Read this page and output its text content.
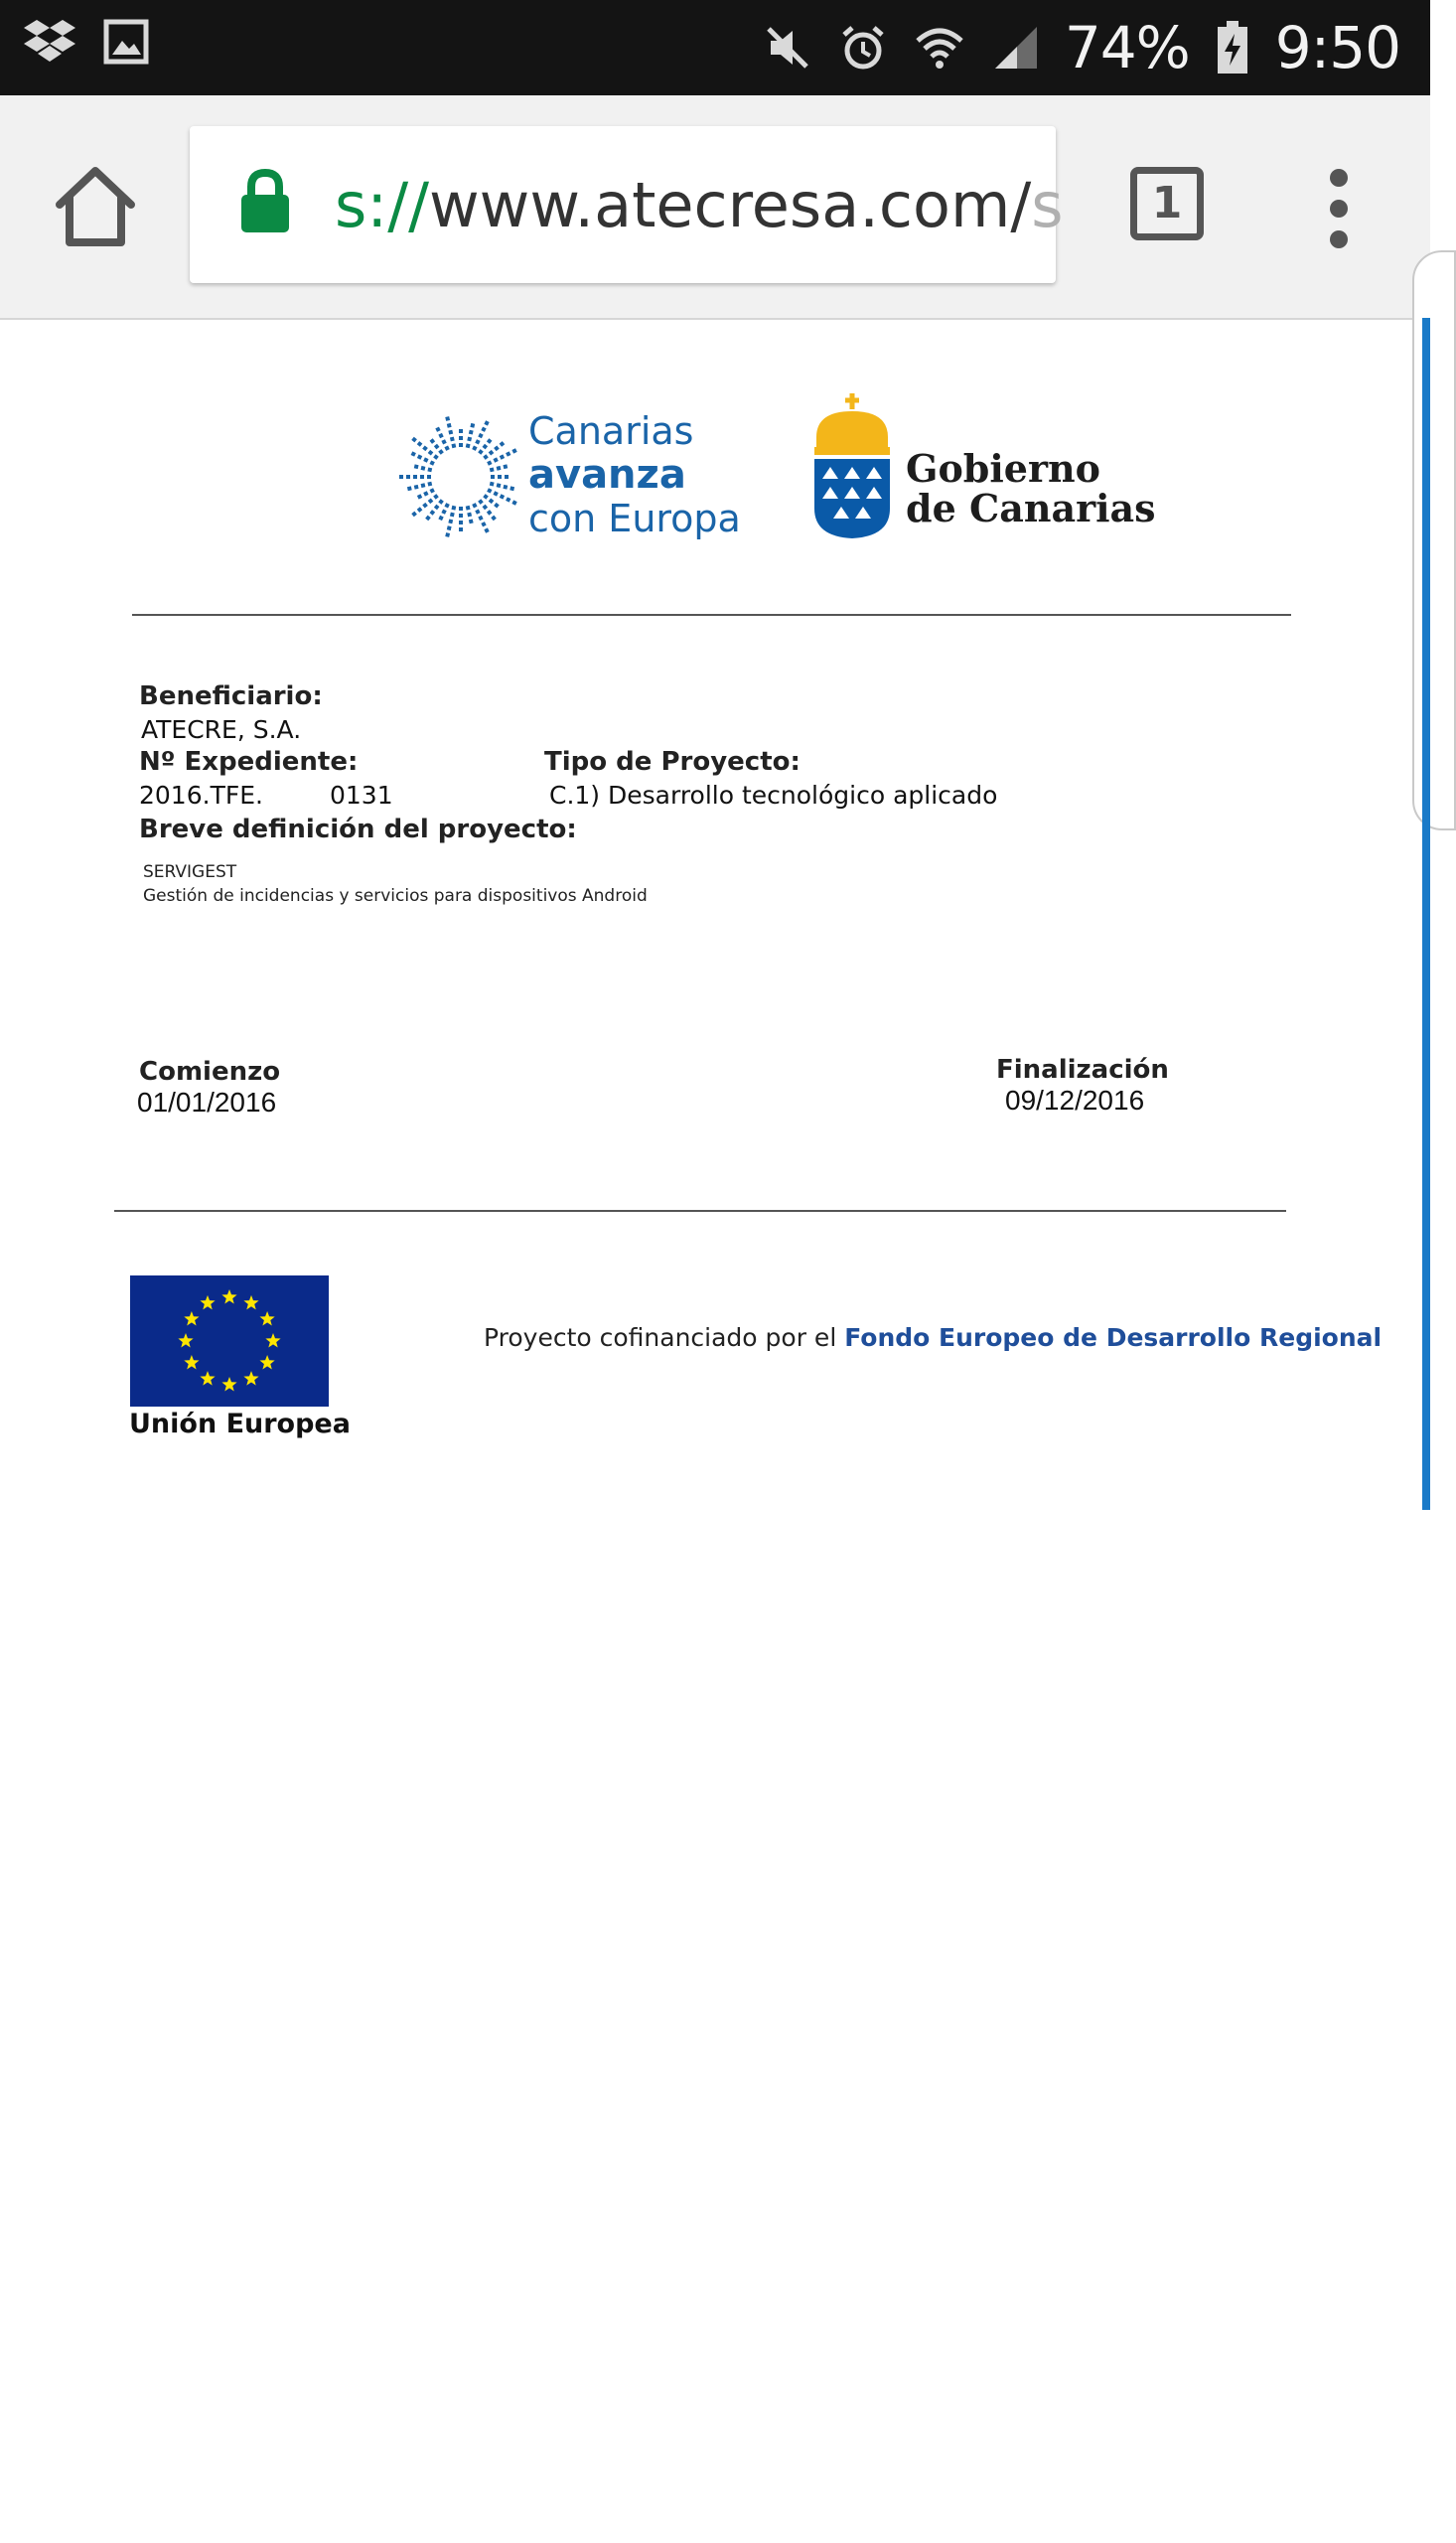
74% 9:50
s://www.atecresa.com/s	1
Canarias
avanza
con Europa
Gobierno
de Canarias
Beneficiario:
ATECRE, S.A.
Nº Expediente:
2016.TFE.	0131
Tipo de Proyecto:
C.1) Desarrollo tecnológico aplicado
Breve definición del proyecto:
SERVIGEST
Gestión de incidencias y servicios para dispositivos Android
Comienzo
01/01/2016
Finalización
09/12/2016
Unión Europea
Proyecto cofinanciado por el Fondo Europeo de Desarrollo Regional
